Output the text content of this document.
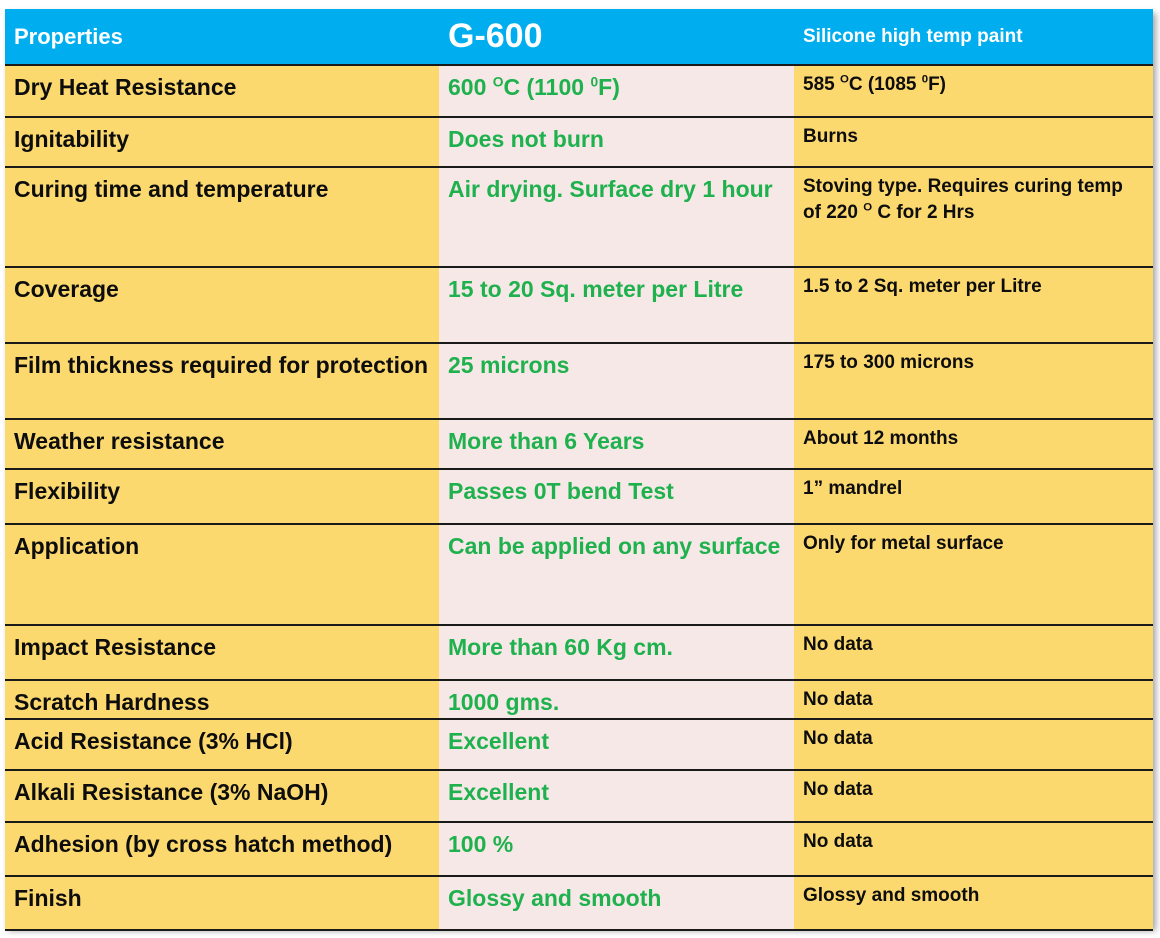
Properties	G-600	Silicone high temp paint
Dry Heat Resistance	600 $^O$C (1100 $^0$F)	585 $^O$C (1085 $^0$F)
Ignitability	Does not burn	Burns
Curing time and temperature	Air drying. Surface dry 1 hour	Stoving type. Requires curing temp of 220 $^O$ C for 2 Hrs
Coverage	15 to 20 Sq. meter per Litre	1.5 to 2 Sq. meter per Litre
Film thickness required for protection	25 microns	175 to 300 microns
Weather resistance	More than 6 Years	About 12 months
Flexibility	Passes 0T bend Test	1” mandrel
Application	Can be applied on any surface	Only for metal surface
Impact Resistance	More than 60 Kg cm.	No data
Scratch Hardness	1000 gms.	No data
Acid Resistance (3% HCl)	Excellent	No data
Alkali Resistance (3% NaOH)	Excellent	No data
Adhesion (by cross hatch method)	100 %	No data
Finish	Glossy and smooth	Glossy and smooth
